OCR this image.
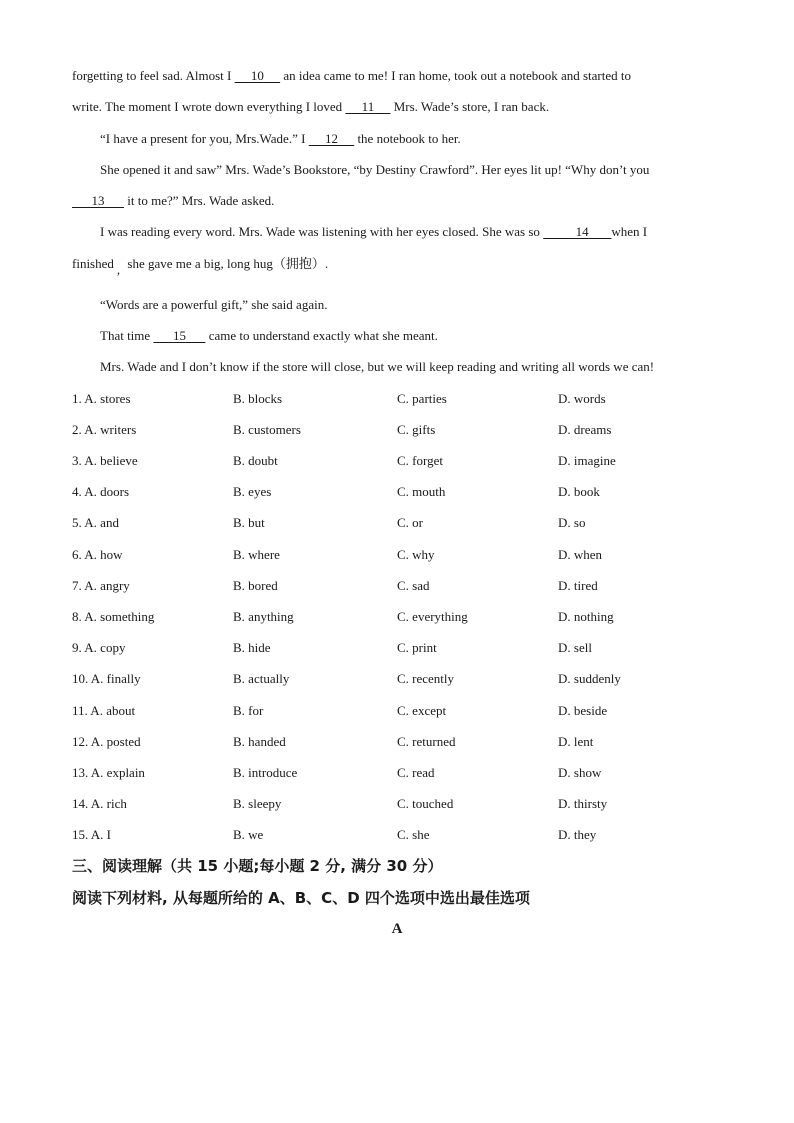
forgetting to feel sad. Almost I      10      an idea came to me! I ran home, took out a notebook and started to
write. The moment I wrote down everything I loved      11      Mrs. Wade’s store, I ran back.
“I have a present for you, Mrs.Wade.” I      12      the notebook to her.
She opened it and saw” Mrs. Wade’s Bookstore, “by Destiny Crawford”. Her eyes lit up! “Why don’t you
13       it to me?” Mrs. Wade asked.
I was reading every word. Mrs. Wade was listening with her eyes closed. She was so	14 when I
finished , she gave me a big, long hug（拥抱）.
“Words are a powerful gift,” she said again.
That time       15       came to understand exactly what she meant.
Mrs. Wade and I don’t know if the store will close, but we will keep reading and writing all words we can!
1. A. stores	B. blocks	C. parties	D. words
2. A. writers	B. customers	C. gifts	D. dreams
3. A. believe	B. doubt	C. forget	D. imagine
4. A. doors	B. eyes	C. mouth	D. book
5. A. and	B. but	C. or	D. so
6. A. how	B. where	C. why	D. when
7. A. angry	B. bored	C. sad	D. tired
8. A. something	B. anything	C. everything	D. nothing
9. A. copy	B. hide	C. print	D. sell
10. A. finally	B. actually	C. recently	D. suddenly
11. A. about	B. for	C. except	D. beside
12. A. posted	B. handed	C. returned	D. lent
13. A. explain	B. introduce	C. read	D. show
14. A. rich	B. sleepy	C. touched	D. thirsty
15. A. I	B. we	C. she	D. they
三、阅读理解（共 15 小题;每小题 2 分, 满分 30 分）
阅读下列材料, 从每题所给的 A、B、C、D 四个选项中选出最佳选项
A
